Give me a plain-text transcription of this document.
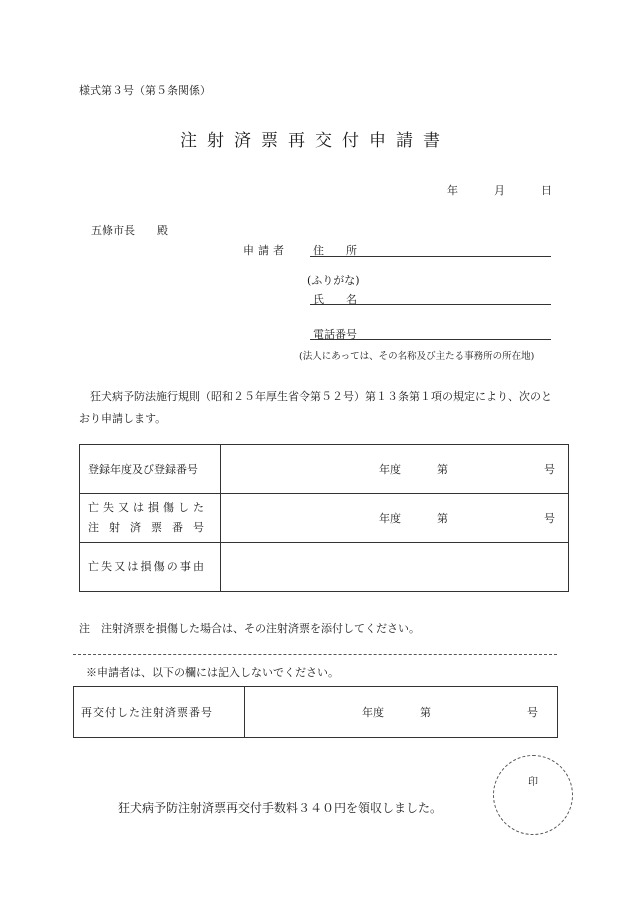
様式第３号（第５条関係）
注射済票再交付申請書
年	月	日
五條市長　　殿
申請者 住　　所
(ふりがな)
氏　　名
電話番号
(法人にあっては、その名称及び主たる事務所の所在地)
狂犬病予防法施行規則（昭和２５年厚生省令第５２号）第１３条第１項の規定により、次のとおり申請します。
登録年度及び登録番号	年度 第 号

亡失又は損傷した
注射済票番号	年度 第 号

亡失又は損傷の事由	

注　注射済票を損傷した場合は、その注射済票を添付してください。
※申請者は、以下の欄には記入しないでください。
再交付した注射済票番号	年度	第	号
印
狂犬病予防注射済票再交付手数料３４０円を領収しました。
